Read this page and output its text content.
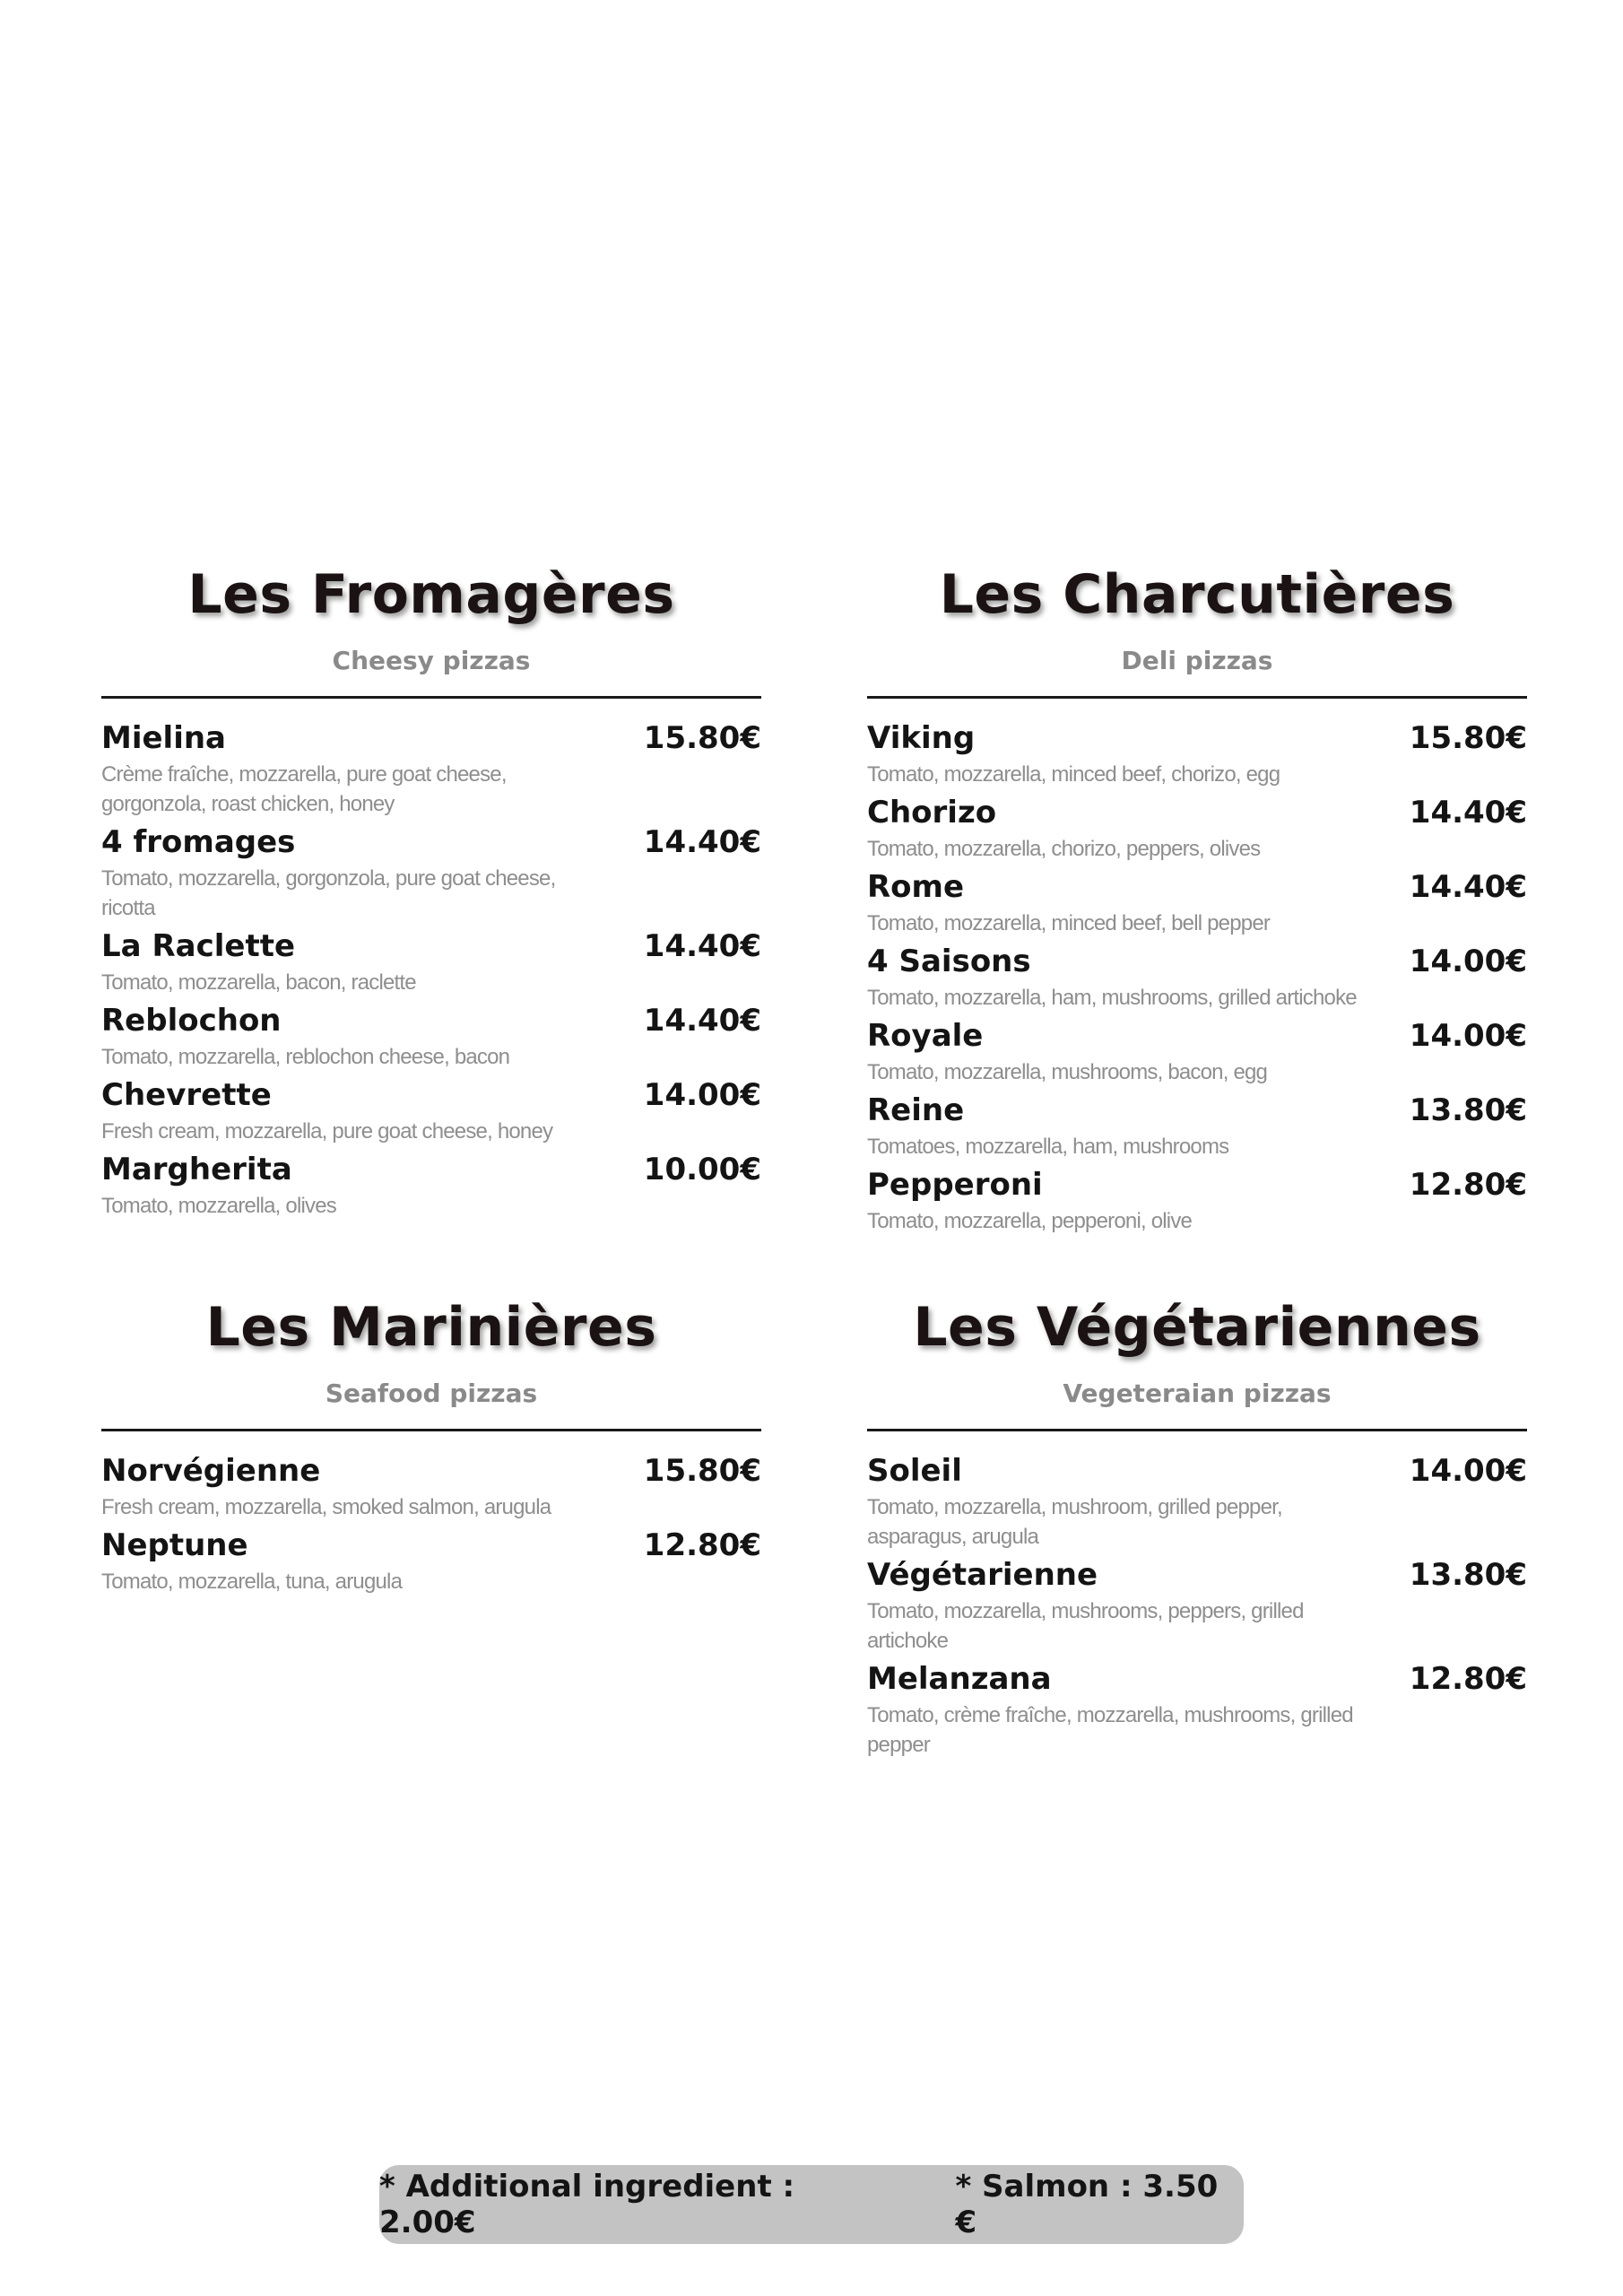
Les Fromagères
Cheesy pizzas
Mielina	15.80€
Crème fraîche, mozzarella, pure goat cheese, gorgonzola, roast chicken, honey
4 fromages	14.40€
Tomato, mozzarella, gorgonzola, pure goat cheese, ricotta
La Raclette	14.40€
Tomato, mozzarella, bacon, raclette
Reblochon	14.40€
Tomato, mozzarella, reblochon cheese, bacon
Chevrette	14.00€
Fresh cream, mozzarella, pure goat cheese, honey
Margherita	10.00€
Tomato, mozzarella, olives
Les Charcutières
Deli pizzas
Viking	15.80€
Tomato, mozzarella, minced beef, chorizo, egg
Chorizo	14.40€
Tomato, mozzarella, chorizo, peppers, olives
Rome	14.40€
Tomato, mozzarella, minced beef, bell pepper
4 Saisons	14.00€
Tomato, mozzarella, ham, mushrooms, grilled artichoke
Royale	14.00€
Tomato, mozzarella, mushrooms, bacon, egg
Reine	13.80€
Tomatoes, mozzarella, ham, mushrooms
Pepperoni	12.80€
Tomato, mozzarella, pepperoni, olive
Les Marinières
Seafood pizzas
Norvégienne	15.80€
Fresh cream, mozzarella, smoked salmon, arugula
Neptune	12.80€
Tomato, mozzarella, tuna, arugula
Les Végétariennes
Vegeteraian pizzas
Soleil	14.00€
Tomato, mozzarella, mushroom, grilled pepper, asparagus, arugula
Végétarienne	13.80€
Tomato, mozzarella, mushrooms, peppers, grilled artichoke
Melanzana	12.80€
Tomato, crème fraîche, mozzarella, mushrooms, grilled pepper
* Additional ingredient : 2.00€
* Salmon : 3.50 €
